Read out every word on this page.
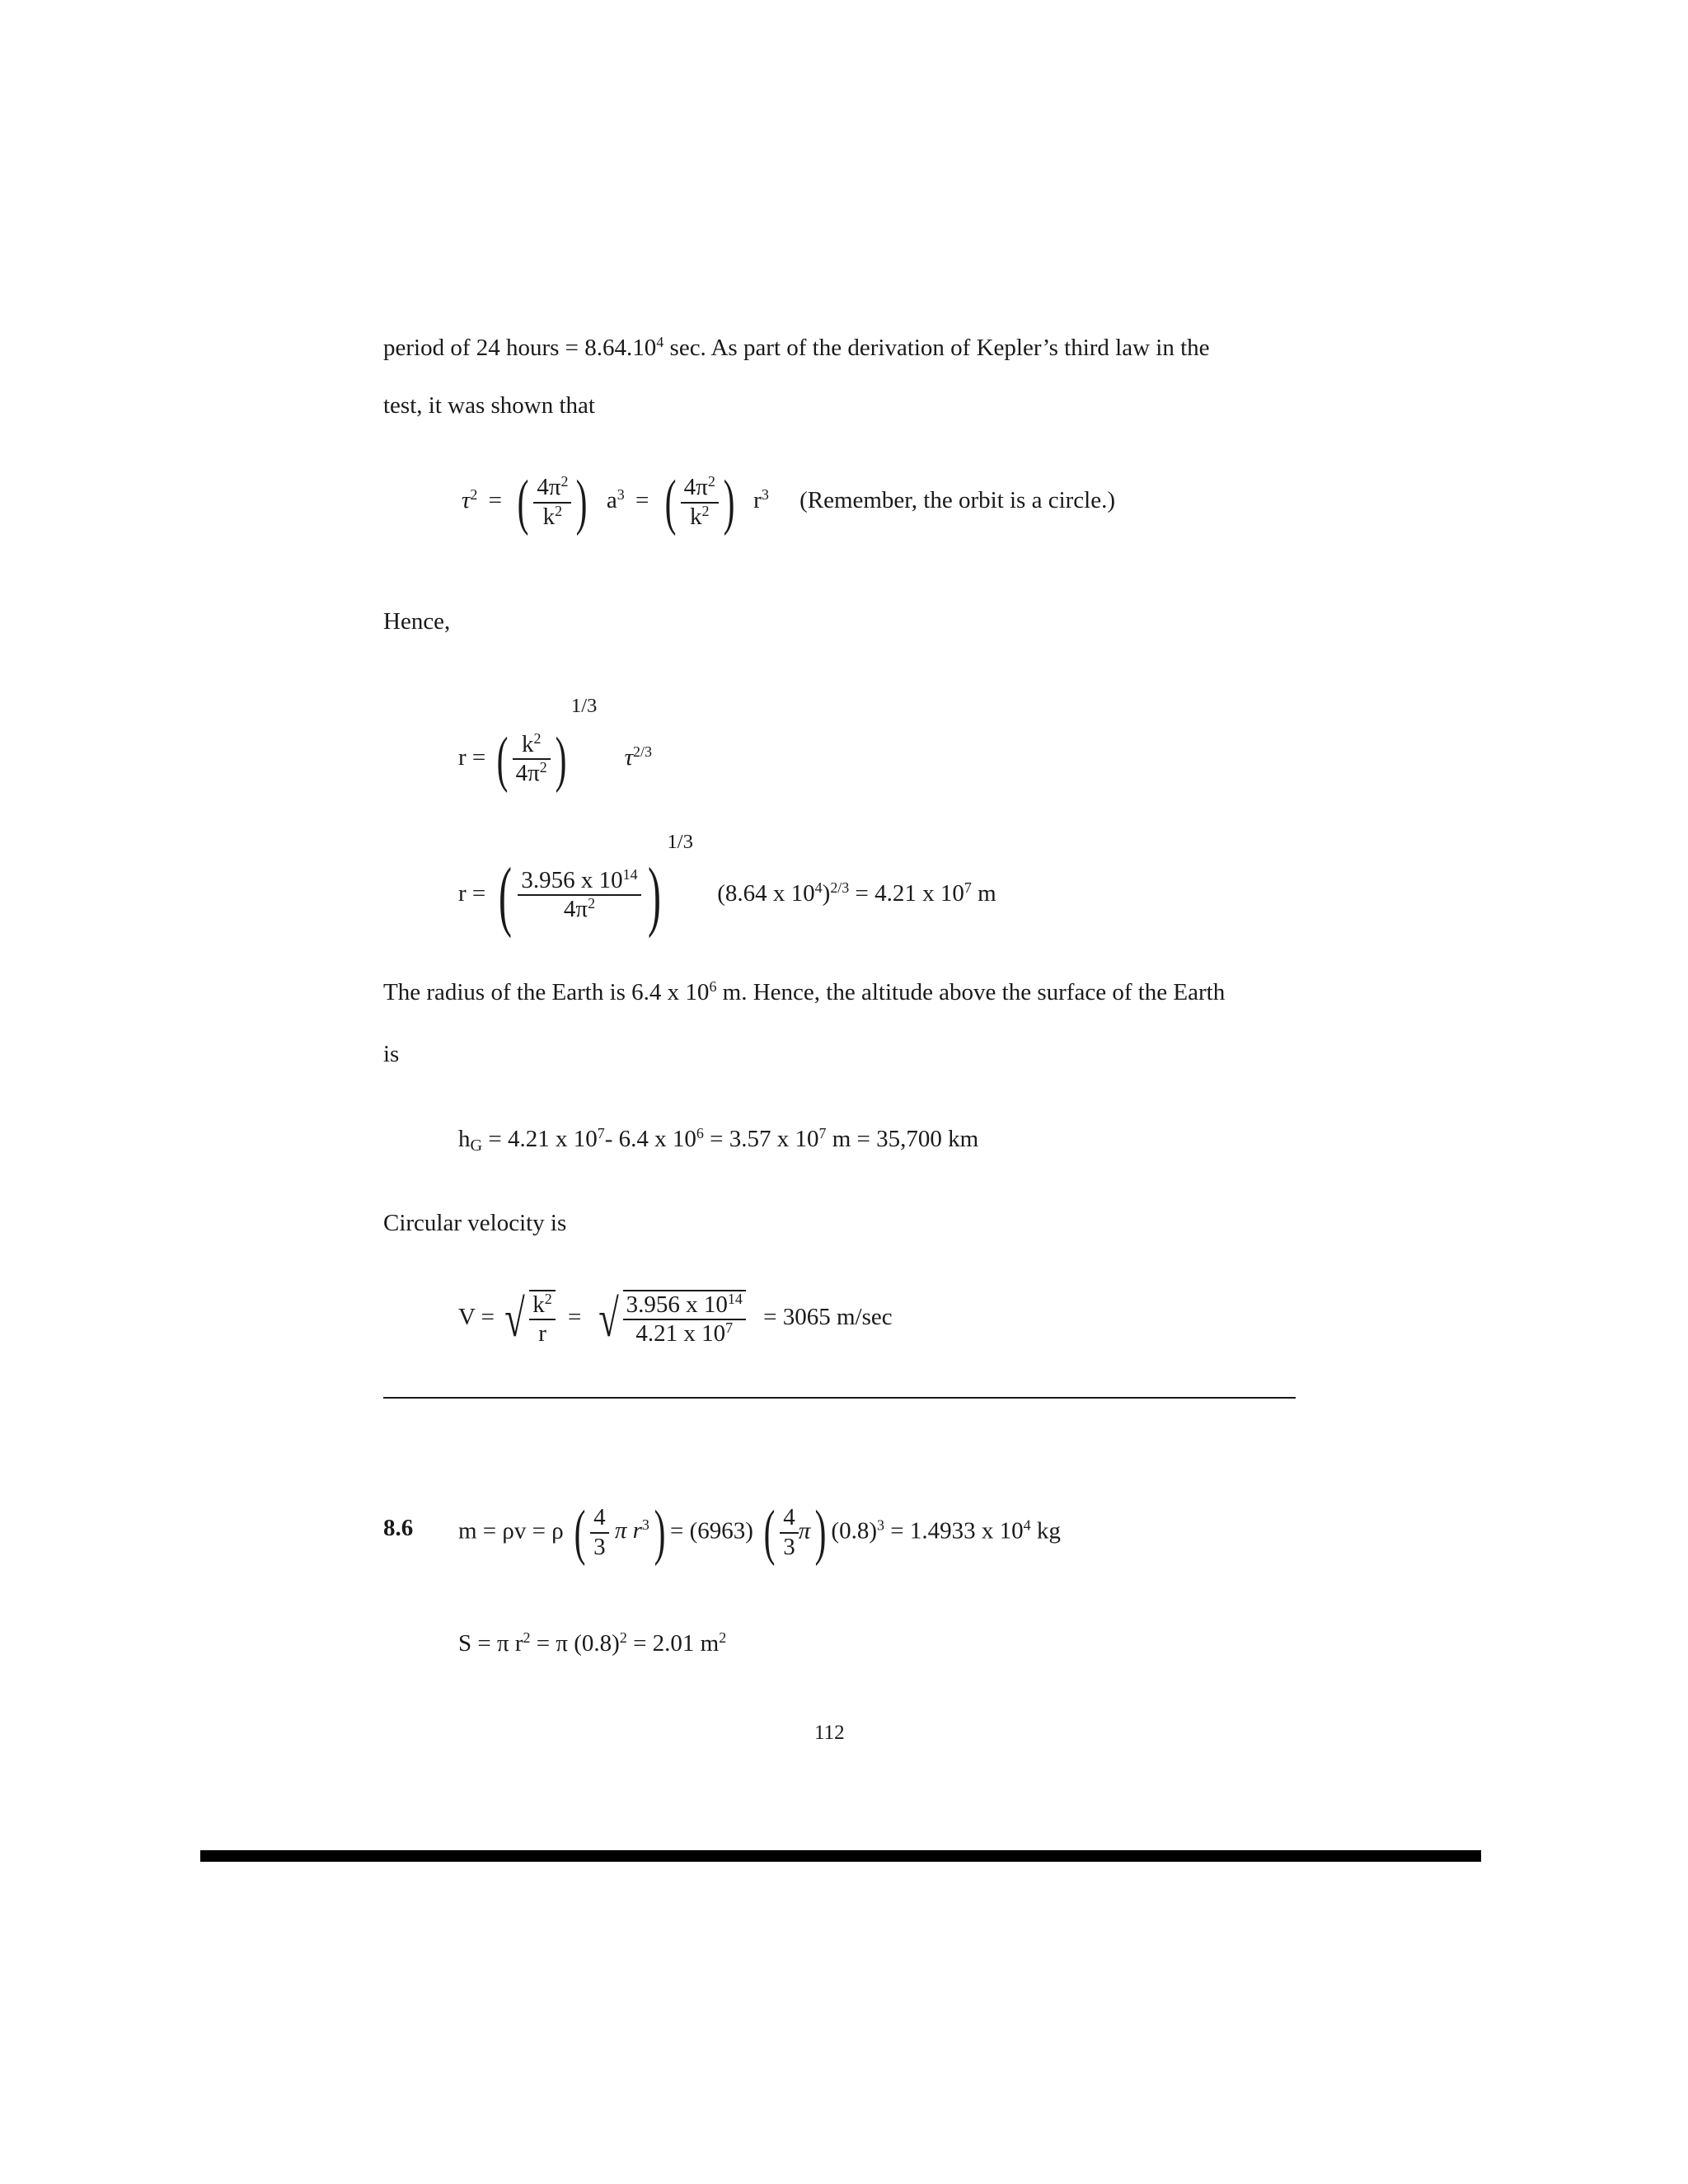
period of 24 hours = $8.64.10^4$ sec. As part of the derivation of Kepler’s third law in the
test, it was shown that
$\tau^2$ = ( $\frac{4\pi^2}{k^2}$ ) $a^3$ = ( $\frac{4\pi^2}{k^2}$ ) $r^3$ (Remember, the orbit is a circle.)
Hence,
r = ( $\frac{k^2}{4\pi^2} )1/3$ $\tau^{2/3}$
r = ( $\frac{3.956 x 10^{14}}{4\pi^2} )1/3$ (8.64 x $10^4)^{2/3} = 4.21$ x $10^7$ m
The radius of the Earth is 6.4 x $10^6$ m. Hence, the altitude above the surface of the Earth
is
$h_G = 4.21$ x $10^7-$ 6.4 x $10^6 = 3.57$ x $10^7$ m = 35,700 km
Circular velocity is
V = √ $\frac{k^2}{r}$ = √ $\frac{3.956 x 10^{14}}{4.21 x 10^7} = 3065$ m/sec
8.6 m = ρv = ρ ( $\frac{4}{3}$ π $r^3) = (6963)$ ( $\frac{4}{3} \pi$) $(0.8)^3 = 1.4933$ x $10^4$ kg
S = π $r^2 = \pi$ $(0.8)^2 = 2.01$ $m^2$
112
